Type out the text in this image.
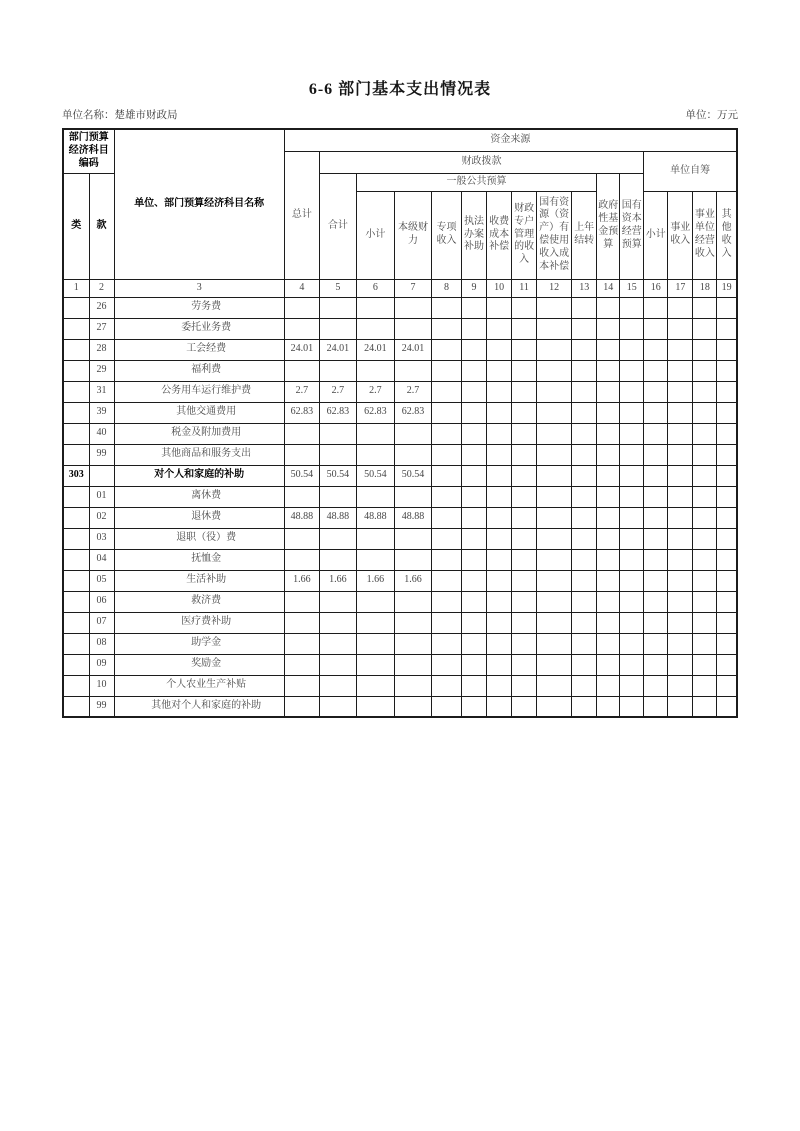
6-6 部门基本支出情况表
单位名称：楚雄市财政局	单位：万元
部门预算经济科目编码		单位、部门预算经济科目名称	资金来源															
			总计	财政拨款											单位自筹			
类	款			合计	一般公共预算								政府性基金预算	国有资本经营预算				
					小计	本级财力	专项收入	执法办案补助	收费成本补偿	财政专户管理的收入	国有资源（资产）有偿使用收入成本补偿	上年结转			小计	事业收入	事业单位经营收入	其他收入
1	2	3	4	5	6	7	8	9	10	11	12	13	14	15	16	17	18	19
	26	劳务费																
	27	委托业务费																
	28	工会经费	24.01	24.01	24.01	24.01												
	29	福利费																
	31	公务用车运行维护费	2.7	2.7	2.7	2.7												
	39	其他交通费用	62.83	62.83	62.83	62.83												
	40	税金及附加费用																
	99	其他商品和服务支出																
303		对个人和家庭的补助	50.54	50.54	50.54	50.54												
	01	离休费																
	02	退休费	48.88	48.88	48.88	48.88												
	03	退职（役）费																
	04	抚恤金																
	05	生活补助	1.66	1.66	1.66	1.66												
	06	救济费																
	07	医疗费补助																
	08	助学金																
	09	奖励金																
	10	个人农业生产补贴																
	99	其他对个人和家庭的补助																
